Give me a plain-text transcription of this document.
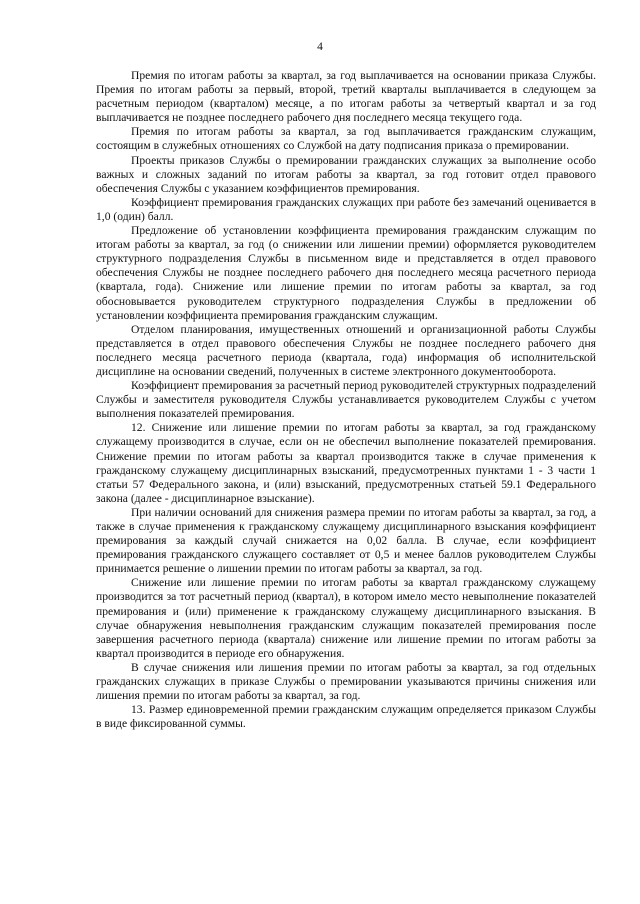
4

Премия по итогам работы за квартал, за год выплачивается на основании приказа Службы. Премия по итогам работы за первый, второй, третий кварталы выплачивается в следующем за расчетным периодом (кварталом) месяце, а по итогам работы за четвертый квартал и за год выплачивается не позднее последнего рабочего дня последнего месяца текущего года.

Премия по итогам работы за квартал, за год выплачивается гражданским служащим, состоящим в служебных отношениях со Службой на дату подписания приказа о премировании.

Проекты приказов Службы о премировании гражданских служащих за выполнение особо важных и сложных заданий по итогам работы за квартал, за год готовит отдел правового обеспечения Службы с указанием коэффициентов премирования.

Коэффициент премирования гражданских служащих при работе без замечаний оценивается в 1,0 (один) балл.

Предложение об установлении коэффициента премирования гражданским служащим по итогам работы за квартал, за год (о снижении или лишении премии) оформляется руководителем структурного подразделения Службы в письменном виде и представляется в отдел правового обеспечения Службы не позднее последнего рабочего дня последнего месяца расчетного периода (квартала, года). Снижение или лишение премии по итогам работы за квартал, за год обосновывается руководителем структурного подразделения Службы в предложении об установлении коэффициента премирования гражданским служащим.

Отделом планирования, имущественных отношений и организационной работы Службы представляется в отдел правового обеспечения Службы не позднее последнего рабочего дня последнего месяца расчетного периода (квартала, года) информация об исполнительской дисциплине на основании сведений, полученных в системе электронного документооборота.

Коэффициент премирования за расчетный период руководителей структурных подразделений Службы и заместителя руководителя Службы устанавливается руководителем Службы с учетом выполнения показателей премирования.

12. Снижение или лишение премии по итогам работы за квартал, за год гражданскому служащему производится в случае, если он не обеспечил выполнение показателей премирования. Снижение премии по итогам работы за квартал производится также в случае применения к гражданскому служащему дисциплинарных взысканий, предусмотренных пунктами 1 - 3 части 1 статьи 57 Федерального закона, и (или) взысканий, предусмотренных статьей 59.1 Федерального закона (далее - дисциплинарное взыскание).

При наличии оснований для снижения размера премии по итогам работы за квартал, за год, а также в случае применения к гражданскому служащему дисциплинарного взыскания коэффициент премирования за каждый случай снижается на 0,02 балла. В случае, если коэффициент премирования гражданского служащего составляет от 0,5 и менее баллов руководителем Службы принимается решение о лишении премии по итогам работы за квартал, за год.

Снижение или лишение премии по итогам работы за квартал гражданскому служащему производится за тот расчетный период (квартал), в котором имело место невыполнение показателей премирования и (или) применение к гражданскому служащему дисциплинарного взыскания. В случае обнаружения невыполнения гражданским служащим показателей премирования после завершения расчетного периода (квартала) снижение или лишение премии по итогам работы за квартал производится в периоде его обнаружения.

В случае снижения или лишения премии по итогам работы за квартал, за год отдельных гражданских служащих в приказе Службы о премировании указываются причины снижения или лишения премии по итогам работы за квартал, за год.

13. Размер единовременной премии гражданским служащим определяется приказом Службы в виде фиксированной суммы.
